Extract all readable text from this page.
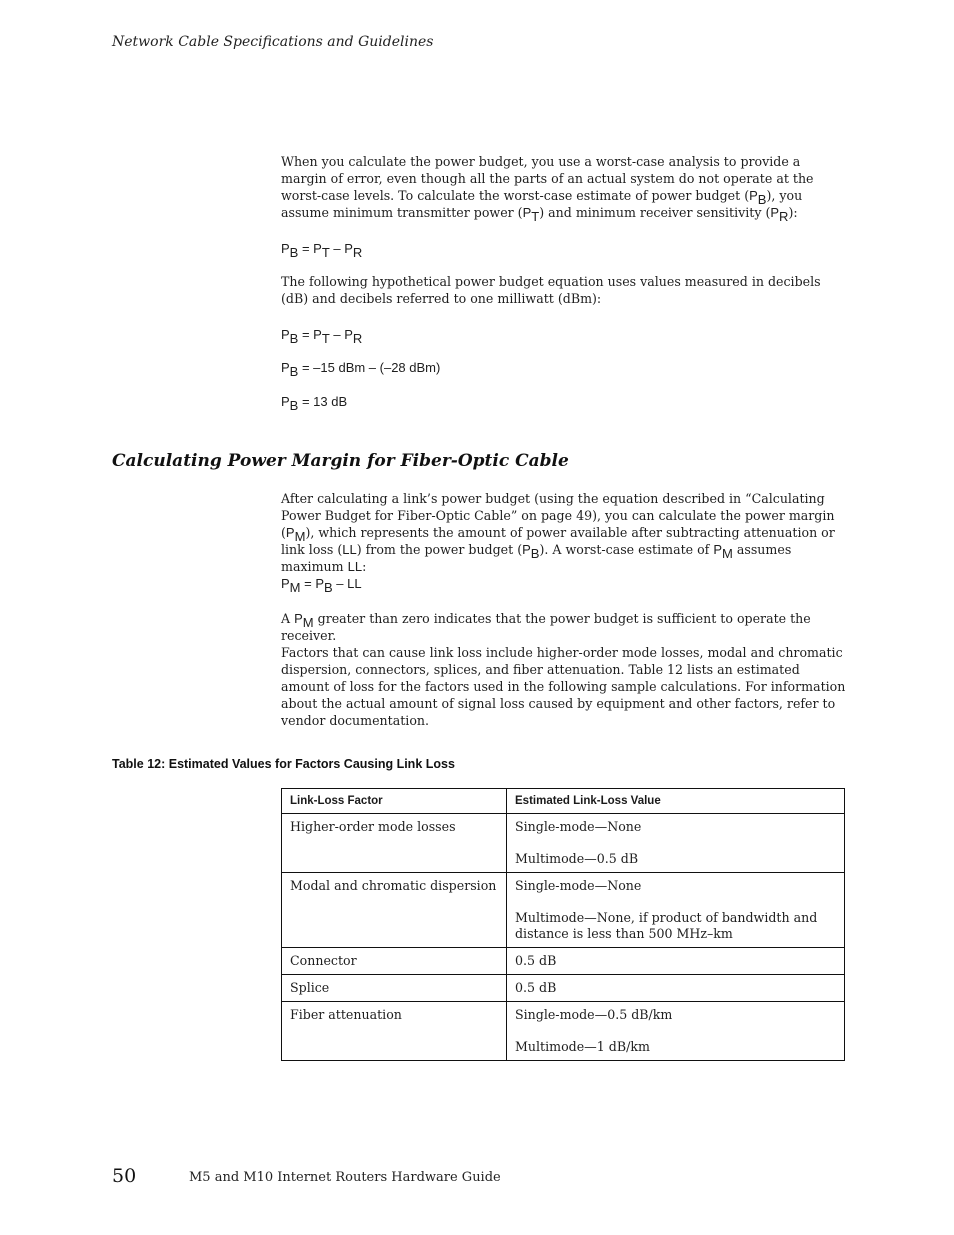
Network Cable Specifications and Guidelines
When you calculate the power budget, you use a worst-case analysis to provide a margin of error, even though all the parts of an actual system do not operate at the worst-case levels. To calculate the worst-case estimate of power budget $(P_B)$, you assume minimum transmitter power $(P_T)$ and minimum receiver sensitivity $(P_R)$:
$P_B = P_T - P_R$
The following hypothetical power budget equation uses values measured in decibels (dB) and decibels referred to one milliwatt (dBm):
$P_B = P_T - P_R$
$P_B = -15$ dBm – (–28 dBm)
$P_B = 13$ dB
Calculating Power Margin for Fiber-Optic Cable
After calculating a link’s power budget (using the equation described in “Calculating Power Budget for Fiber-Optic Cable” on page 49), you can calculate the power margin $(P_M)$, which represents the amount of power available after subtracting attenuation or link loss (LL) from the power budget $(P_B)$. A worst-case estimate of $P_M$ assumes maximum LL:
$P_M = P_B$ – LL
A $P_M$ greater than zero indicates that the power budget is sufficient to operate the receiver.
Factors that can cause link loss include higher-order mode losses, modal and chromatic dispersion, connectors, splices, and fiber attenuation. Table 12 lists an estimated amount of loss for the factors used in the following sample calculations. For information about the actual amount of signal loss caused by equipment and other factors, refer to vendor documentation.
Table 12: Estimated Values for Factors Causing Link Loss
Link-Loss Factor	Estimated Link-Loss Value
Higher-order mode losses	Single-mode—None
Multimode—0.5 dB

Modal and chromatic dispersion	Single-mode—None
Multimode—None, if product of bandwidth and distance is less than 500 MHz–km

Connector	0.5 dB

Splice	0.5 dB

Fiber attenuation	Single-mode—0.5 dB/km
Multimode—1 dB/km
50	M5 and M10 Internet Routers Hardware Guide
